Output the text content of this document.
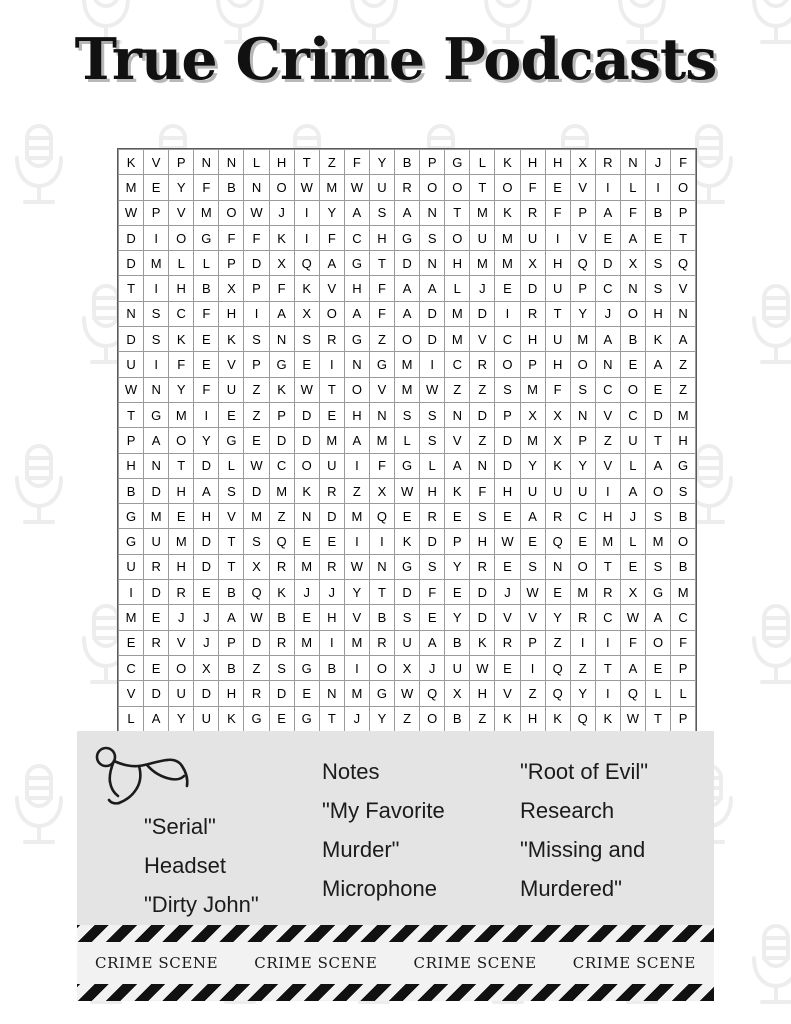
True Crime Podcasts
K	V	P	N	N	L	H	T	Z	F	Y	B	P	G	L	K	H	H	X	R	N	J	F
M	E	Y	F	B	N	O	W	M	W	U	R	O	O	T	O	F	E	V	I	L	I	O
W	P	V	M	O	W	J	I	Y	A	S	A	N	T	M	K	R	F	P	A	F	B	P
D	I	O	G	F	F	K	I	F	C	H	G	S	O	U	M	U	I	V	E	A	E	T
D	M	L	L	P	D	X	Q	A	G	T	D	N	H	M	M	X	H	Q	D	X	S	Q
T	I	H	B	X	P	F	K	V	H	F	A	A	L	J	E	D	U	P	C	N	S	V
N	S	C	F	H	I	A	X	O	A	F	A	D	M	D	I	R	T	Y	J	O	H	N
D	S	K	E	K	S	N	S	R	G	Z	O	D	M	V	C	H	U	M	A	B	K	A
U	I	F	E	V	P	G	E	I	N	G	M	I	C	R	O	P	H	O	N	E	A	Z
W	N	Y	F	U	Z	K	W	T	O	V	M	W	Z	Z	S	M	F	S	C	O	E	Z
T	G	M	I	E	Z	P	D	E	H	N	S	S	N	D	P	X	X	N	V	C	D	M
P	A	O	Y	G	E	D	D	M	A	M	L	S	V	Z	D	M	X	P	Z	U	T	H
H	N	T	D	L	W	C	O	U	I	F	G	L	A	N	D	Y	K	Y	V	L	A	G
B	D	H	A	S	D	M	K	R	Z	X	W	H	K	F	H	U	U	U	I	A	O	S
G	M	E	H	V	M	Z	N	D	M	Q	E	R	E	S	E	A	R	C	H	J	S	B
G	U	M	D	T	S	Q	E	E	I	I	K	D	P	H	W	E	Q	E	M	L	M	O
U	R	H	D	T	X	R	M	R	W	N	G	S	Y	R	E	S	N	O	T	E	S	B
I	D	R	E	B	Q	K	J	J	Y	T	D	F	E	D	J	W	E	M	R	X	G	M
M	E	J	J	A	W	B	E	H	V	B	S	E	Y	D	V	V	Y	R	C	W	A	C
E	R	V	J	P	D	R	M	I	M	R	U	A	B	K	R	P	Z	I	I	F	O	F
C	E	O	X	B	Z	S	G	B	I	O	X	J	U	W	E	I	Q	Z	T	A	E	P
V	D	U	D	H	R	D	E	N	M	G	W	Q	X	H	V	Z	Q	Y	I	Q	L	L
L	A	Y	U	K	G	E	G	T	J	Y	Z	O	B	Z	K	H	K	Q	K	W	T	P
"Serial"
Headset
"Dirty John"
Notes
"My Favorite Murder"
Microphone
"Root of Evil"
Research
"Missing and Murdered"
CRIME SCENE CRIME SCENE CRIME SCENE CRIME SCENE
